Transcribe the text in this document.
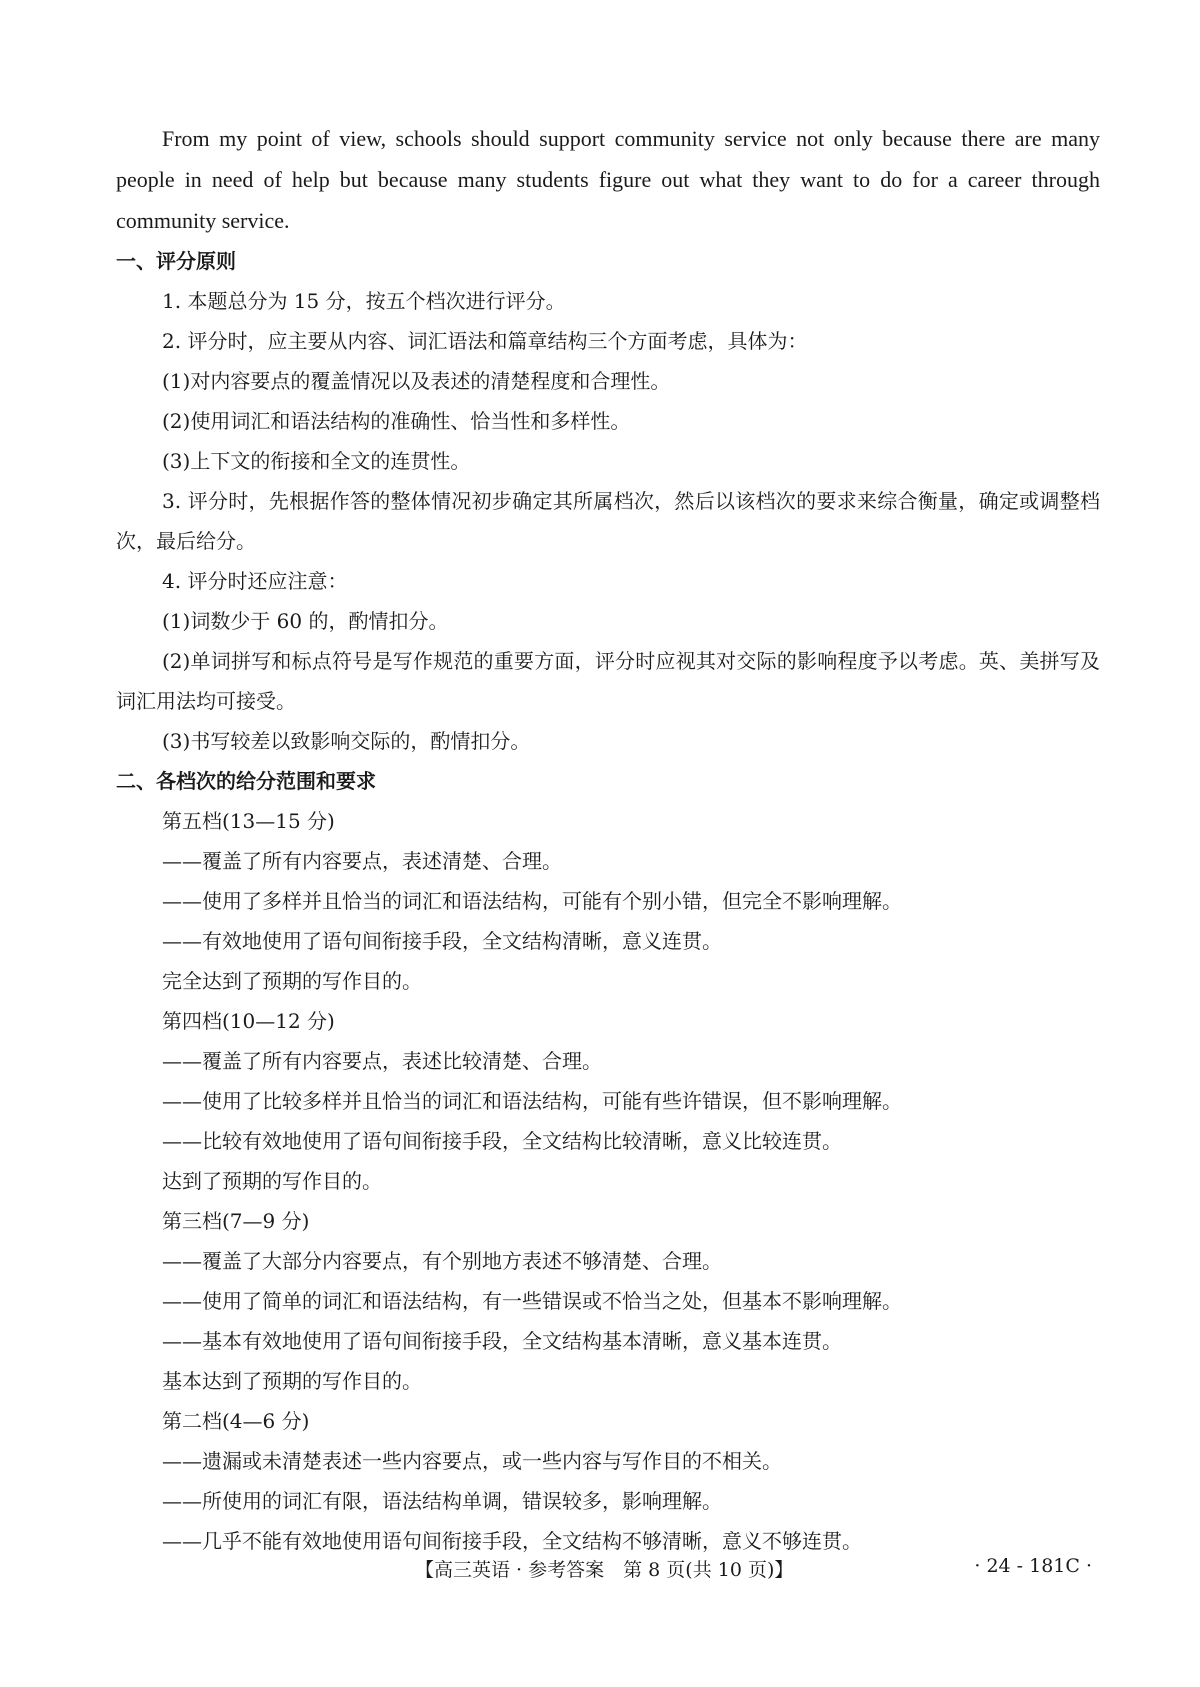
From my point of view, schools should support community service not only because there are many people in need of help but because many students figure out what they want to do for a career through community service.

一、评分原则

1. 本题总分为 15 分，按五个档次进行评分。

2. 评分时，应主要从内容、词汇语法和篇章结构三个方面考虑，具体为：

(1)对内容要点的覆盖情况以及表述的清楚程度和合理性。

(2)使用词汇和语法结构的准确性、恰当性和多样性。

(3)上下文的衔接和全文的连贯性。

3. 评分时，先根据作答的整体情况初步确定其所属档次，然后以该档次的要求来综合衡量，确定或调整档次，最后给分。

4. 评分时还应注意：

(1)词数少于 60 的，酌情扣分。

(2)单词拼写和标点符号是写作规范的重要方面，评分时应视其对交际的影响程度予以考虑。英、美拼写及词汇用法均可接受。

(3)书写较差以致影响交际的，酌情扣分。

二、各档次的给分范围和要求

第五档(13—15 分)

——覆盖了所有内容要点，表述清楚、合理。

——使用了多样并且恰当的词汇和语法结构，可能有个别小错，但完全不影响理解。

——有效地使用了语句间衔接手段，全文结构清晰，意义连贯。

完全达到了预期的写作目的。

第四档(10—12 分)

——覆盖了所有内容要点，表述比较清楚、合理。

——使用了比较多样并且恰当的词汇和语法结构，可能有些许错误，但不影响理解。

——比较有效地使用了语句间衔接手段，全文结构比较清晰，意义比较连贯。

达到了预期的写作目的。

第三档(7—9 分)

——覆盖了大部分内容要点，有个别地方表述不够清楚、合理。

——使用了简单的词汇和语法结构，有一些错误或不恰当之处，但基本不影响理解。

——基本有效地使用了语句间衔接手段，全文结构基本清晰，意义基本连贯。

基本达到了预期的写作目的。

第二档(4—6 分)

——遗漏或未清楚表述一些内容要点，或一些内容与写作目的不相关。

——所使用的词汇有限，语法结构单调，错误较多，影响理解。

——几乎不能有效地使用语句间衔接手段，全文结构不够清晰，意义不够连贯。

【高三英语 · 参考答案　第 8 页(共 10 页)】	· 24 - 181C ·
